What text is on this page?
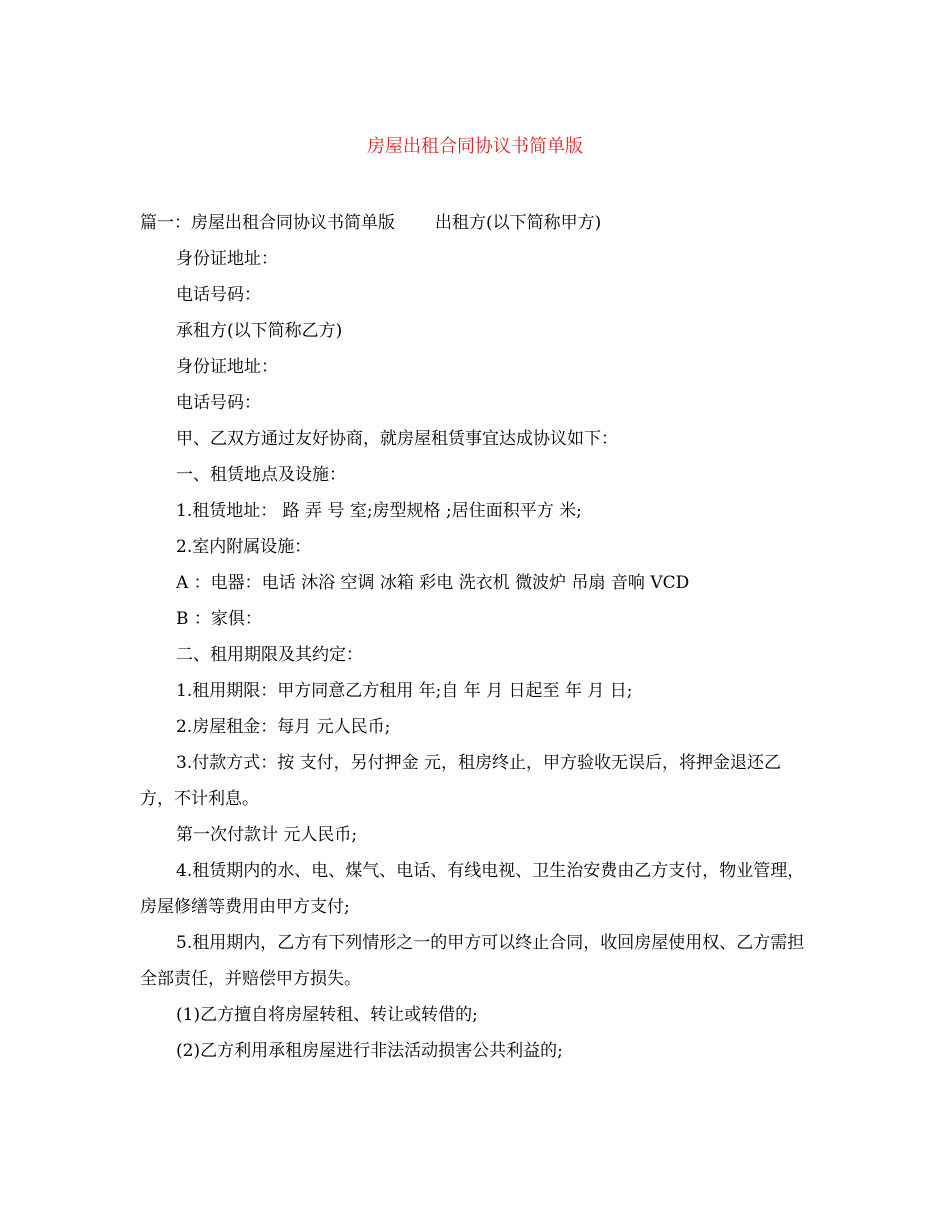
房屋出租合同协议书简单版

篇一：房屋出租合同协议书简单版 出租方(以下简称甲方)

身份证地址：

电话号码：

承租方(以下简称乙方)

身份证地址：

电话号码：

甲、乙双方通过友好协商，就房屋租赁事宜达成协议如下：

一、租赁地点及设施：

1.租赁地址： 路 弄 号 室;房型规格 ;居住面积平方 米;

2.室内附属设施：

A ：电器：电话 沐浴 空调 冰箱 彩电 洗衣机 微波炉 吊扇 音响 VCD

B ：家俱：

二、租用期限及其约定：

1.租用期限：甲方同意乙方租用 年;自 年 月 日起至 年 月 日;

2.房屋租金：每月 元人民币;

3.付款方式：按 支付，另付押金 元，租房终止，甲方验收无误后，将押金退还乙方，不计利息。

第一次付款计 元人民币;

4.租赁期内的水、电、煤气、电话、有线电视、卫生治安费由乙方支付，物业管理，房屋修缮等费用由甲方支付;

5.租用期内，乙方有下列情形之一的甲方可以终止合同，收回房屋使用权、乙方需担全部责任，并赔偿甲方损失。

(1)乙方擅自将房屋转租、转让或转借的;

(2)乙方利用承租房屋进行非法活动损害公共利益的;
